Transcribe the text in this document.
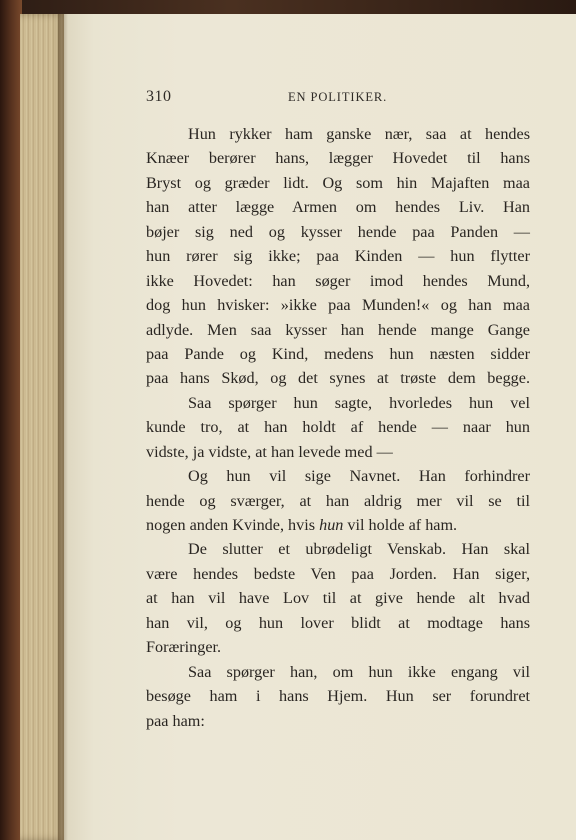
310	EN POLITIKER.
Hun rykker ham ganske nær, saa at hendes
Knæer berører hans, lægger Hovedet til hans
Bryst og græder lidt. Og som hin Majaften maa
han atter lægge Armen om hendes Liv. Han
bøjer sig ned og kysser hende paa Panden —
hun rører sig ikke; paa Kinden — hun flytter
ikke Hovedet: han søger imod hendes Mund,
dog hun hvisker: »ikke paa Munden!« og han maa
adlyde. Men saa kysser han hende mange Gange
paa Pande og Kind, medens hun næsten sidder
paa hans Skød, og det synes at trøste dem begge.
Saa spørger hun sagte, hvorledes hun vel
kunde tro, at han holdt af hende — naar hun
vidste, ja vidste, at han levede med —
Og hun vil sige Navnet. Han forhindrer
hende og sværger, at han aldrig mer vil se til
nogen anden Kvinde, hvis hun vil holde af ham.
De slutter et ubrødeligt Venskab. Han skal
være hendes bedste Ven paa Jorden. Han siger,
at han vil have Lov til at give hende alt hvad
han vil, og hun lover blidt at modtage hans
Foræringer.
Saa spørger han, om hun ikke engang vil
besøge ham i hans Hjem. Hun ser forundret
paa ham:
